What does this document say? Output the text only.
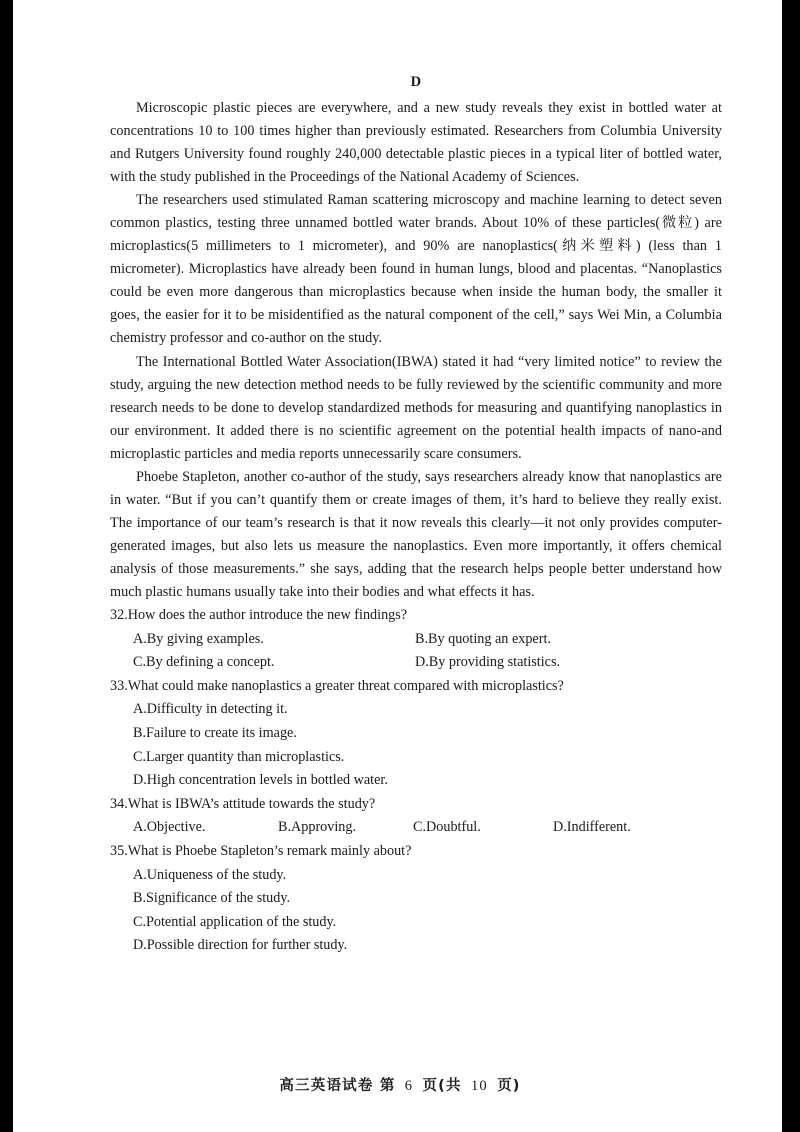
D

Microscopic plastic pieces are everywhere, and a new study reveals they exist in bottled water at concentrations 10 to 100 times higher than previously estimated. Researchers from Columbia University and Rutgers University found roughly 240,000 detectable plastic pieces in a typical liter of bottled water, with the study published in the Proceedings of the National Academy of Sciences.

The researchers used stimulated Raman scattering microscopy and machine learning to detect seven common plastics, testing three unnamed bottled water brands. About 10% of these particles(微粒) are microplastics(5 millimeters to 1 micrometer), and 90% are nanoplastics(纳米塑料) (less than 1 micrometer). Microplastics have already been found in human lungs, blood and placentas. “Nanoplastics could be even more dangerous than microplastics because when inside the human body, the smaller it goes, the easier for it to be misidentified as the natural component of the cell,” says Wei Min, a Columbia chemistry professor and co-author on the study.

The International Bottled Water Association(IBWA) stated it had “very limited notice” to review the study, arguing the new detection method needs to be fully reviewed by the scientific community and more research needs to be done to develop standardized methods for measuring and quantifying nanoplastics in our environment. It added there is no scientific agreement on the potential health impacts of nano-and microplastic particles and media reports unnecessarily scare consumers.

Phoebe Stapleton, another co-author of the study, says researchers already know that nanoplastics are in water. “But if you can’t quantify them or create images of them, it’s hard to believe they really exist. The importance of our team’s research is that it now reveals this clearly—it not only provides computer-generated images, but also lets us measure the nanoplastics. Even more importantly, it offers chemical analysis of those measurements.” she says, adding that the research helps people better understand how much plastic humans usually take into their bodies and what effects it has.

32.How does the author introduce the new findings?
A.By giving examples.	B.By quoting an expert.
C.By defining a concept.	D.By providing statistics.
33.What could make nanoplastics a greater threat compared with microplastics?
A.Difficulty in detecting it.
B.Failure to create its image.
C.Larger quantity than microplastics.
D.High concentration levels in bottled water.
34.What is IBWA’s attitude towards the study?
A.Objective.	B.Approving.	C.Doubtful.	D.Indifferent.
35.What is Phoebe Stapleton’s remark mainly about?
A.Uniqueness of the study.
B.Significance of the study.
C.Potential application of the study.
D.Possible direction for further study.
高三英语试卷 第 6 页(共 10 页)
